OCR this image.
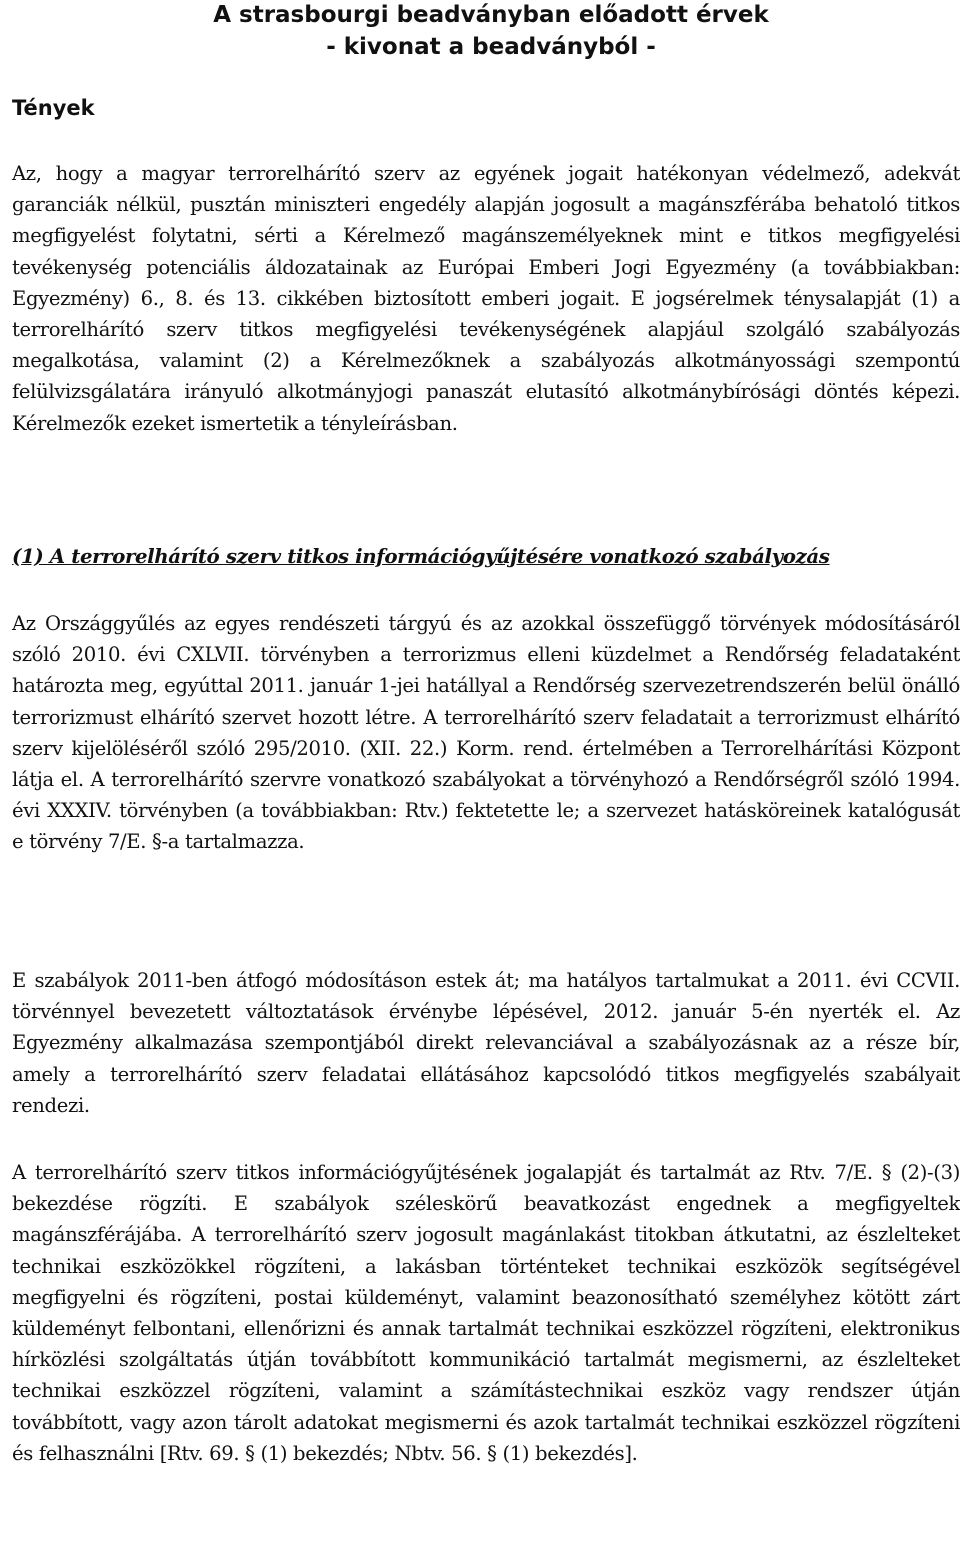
A strasbourgi beadványban előadott érvek
- kivonat a beadványból -
Tények

Az, hogy a magyar terrorelhárító szerv az egyének jogait hatékonyan védelmező, adekvát garanciák nélkül, pusztán miniszteri engedély alapján jogosult a magánszférába behatoló titkos megfigyelést folytatni, sérti a Kérelmező magánszemélyeknek mint e titkos megfigyelési tevékenység potenciális áldozatainak az Európai Emberi Jogi Egyezmény (a továbbiakban: Egyezmény) 6., 8. és 13. cikkében biztosított emberi jogait. E jogsérelmek ténysalapját (1) a terrorelhárító szerv titkos megfigyelési tevékenységének alapjául szolgáló szabályozás megalkotása, valamint (2) a Kérelmezőknek a szabályozás alkotmányossági szempontú felülvizsgálatára irányuló alkotmányjogi panaszát elutasító alkotmánybírósági döntés képezi. Kérelmezők ezeket ismertetik a tényleírásban.

(1) A terrorelhárító szerv titkos információgyűjtésére vonatkozó szabályozás

Az Országgyűlés az egyes rendészeti tárgyú és az azokkal összefüggő törvények módosításáról szóló 2010. évi CXLVII. törvényben a terrorizmus elleni küzdelmet a Rendőrség feladataként határozta meg, egyúttal 2011. január 1-jei hatállyal a Rendőrség szervezetrendszerén belül önálló terrorizmust elhárító szervet hozott létre. A terrorelhárító szerv feladatait a terrorizmust elhárító szerv kijelöléséről szóló 295/2010. (XII. 22.) Korm. rend. értelmében a Terrorelhárítási Központ látja el. A terrorelhárító szervre vonatkozó szabályokat a törvényhozó a Rendőrségről szóló 1994. évi XXXIV. törvényben (a továbbiakban: Rtv.) fektetette le; a szervezet hatásköreinek katalógusát e törvény 7/E. §-a tartalmazza.

E szabályok 2011-ben átfogó módosításon estek át; ma hatályos tartalmukat a 2011. évi CCVII. törvénnyel bevezetett változtatások érvénybe lépésével, 2012. január 5-én nyerték el. Az Egyezmény alkalmazása szempontjából direkt relevanciával a szabályozásnak az a része bír, amely a terrorelhárító szerv feladatai ellátásához kapcsolódó titkos megfigyelés szabályait rendezi.

A terrorelhárító szerv titkos információgyűjtésének jogalapját és tartalmát az Rtv. 7/E. § (2)-(3) bekezdése rögzíti. E szabályok széleskörű beavatkozást engednek a megfigyeltek magánszférájába. A terrorelhárító szerv jogosult magánlakást titokban átkutatni, az észlelteket technikai eszközökkel rögzíteni, a lakásban történteket technikai eszközök segítségével megfigyelni és rögzíteni, postai küldeményt, valamint beazonosítható személyhez kötött zárt küldeményt felbontani, ellenőrizni és annak tartalmát technikai eszközzel rögzíteni, elektronikus hírközlési szolgáltatás útján továbbított kommunikáció tartalmát megismerni, az észlelteket technikai eszközzel rögzíteni, valamint a számítástechnikai eszköz vagy rendszer útján továbbított, vagy azon tárolt adatokat megismerni és azok tartalmát technikai eszközzel rögzíteni és felhasználni [Rtv. 69. § (1) bekezdés; Nbtv. 56. § (1) bekezdés].
